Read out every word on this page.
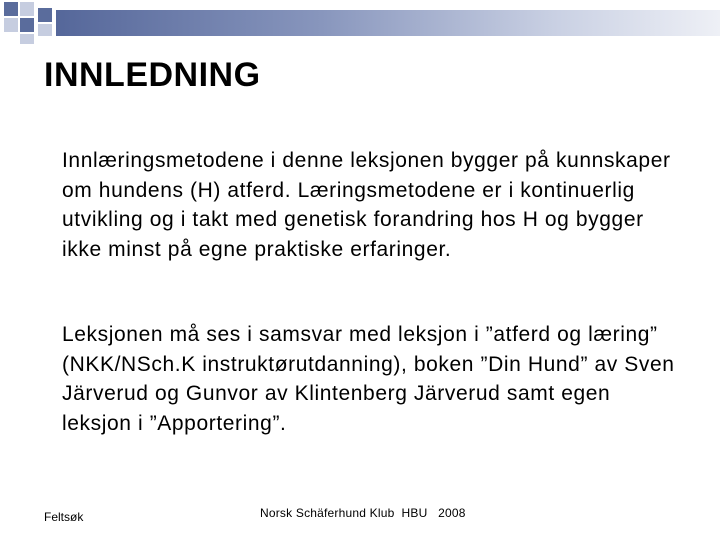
INNLEDNING

Innlæringsmetodene i denne leksjonen bygger på kunnskaper om hundens (H) atferd. Læringsmetodene er i kontinuerlig utvikling og i takt med genetisk forandring hos H og bygger ikke minst på egne praktiske erfaringer.

Leksjonen må ses i samsvar med leksjon i ”atferd og læring” (NKK/NSch.K instruktørutdanning), boken ”Din Hund” av Sven Järverud og Gunvor av Klintenberg Järverud samt egen leksjon i ”Apportering”.

Feltsøk	Norsk Schäferhund Klub  HBU   2008
